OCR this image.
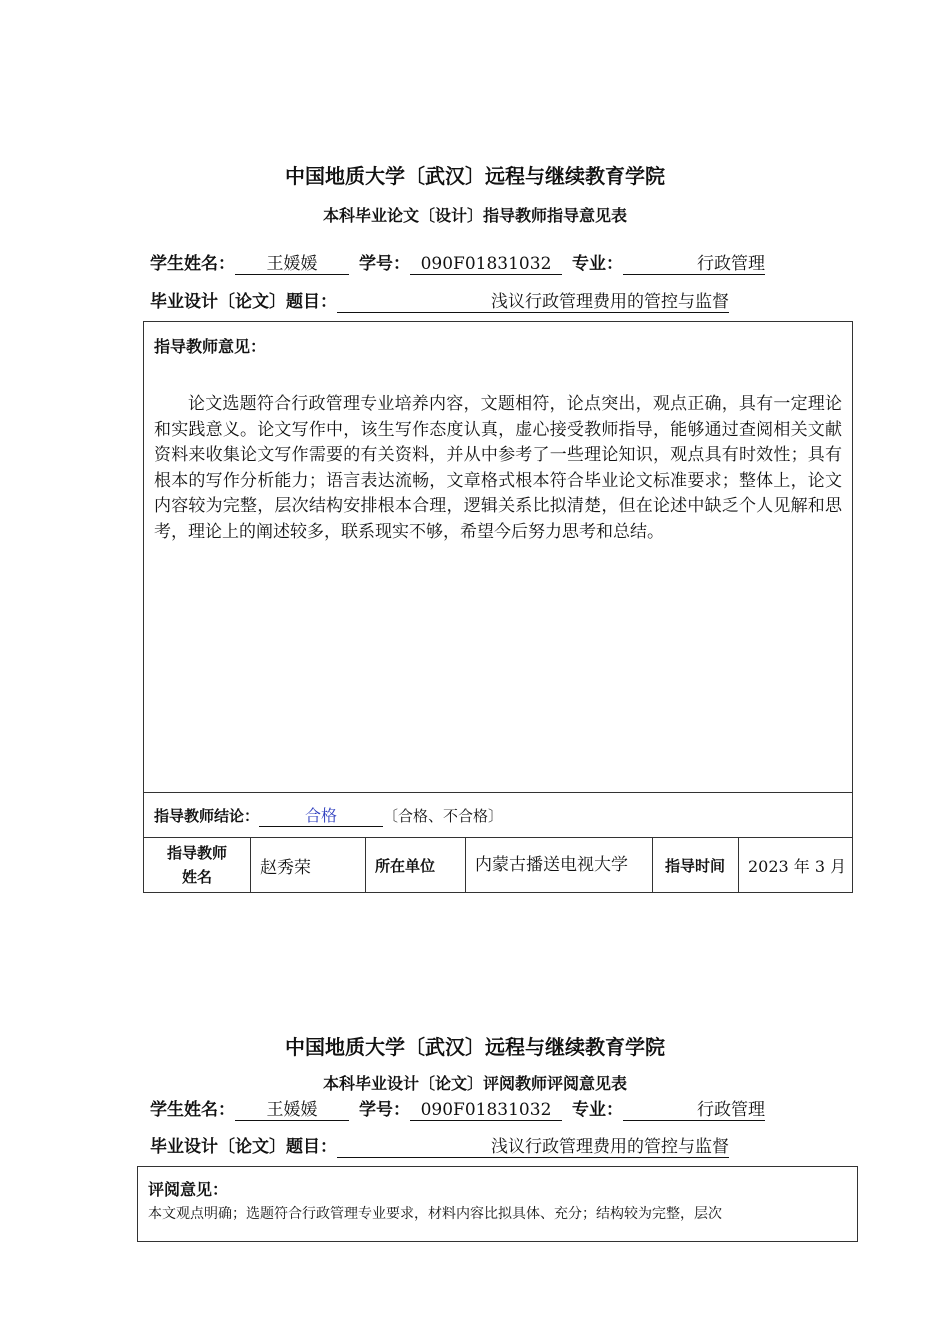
中国地质大学〔武汉〕远程与继续教育学院
本科毕业论文〔设计〕指导教师指导意见表
学生姓名： 王媛媛 学号： 090F01831032 专业：	行政管理
毕业设计〔论文〕题目：	浅议行政管理费用的管控与监督
指导教师意见：
论文选题符合行政管理专业培养内容，文题相符，论点突出，观点正确，具有一定理论和实践意义。论文写作中，该生写作态度认真，虚心接受教师指导，能够通过查阅相关文献资料来收集论文写作需要的有关资料，并从中参考了一些理论知识，观点具有时效性；具有根本的写作分析能力；语言表达流畅，文章格式根本符合毕业论文标准要求；整体上，论文内容较为完整，层次结构安排根本合理，逻辑关系比拟清楚，但在论述中缺乏个人见解和思考，理论上的阐述较多，联系现实不够，希望今后努力思考和总结。
指导教师结论：	合格	〔合格、不合格〕
指导教师姓名	赵秀荣	所在单位	内蒙古播送电视大学	指导时间	2023 年 3 月
中国地质大学〔武汉〕远程与继续教育学院
本科毕业设计〔论文〕评阅教师评阅意见表
学生姓名： 王媛媛 学号： 090F01831032 专业：	行政管理
毕业设计〔论文〕题目：	浅议行政管理费用的管控与监督
评阅意见：
本文观点明确；选题符合行政管理专业要求，材料内容比拟具体、充分；结构较为完整，层次
